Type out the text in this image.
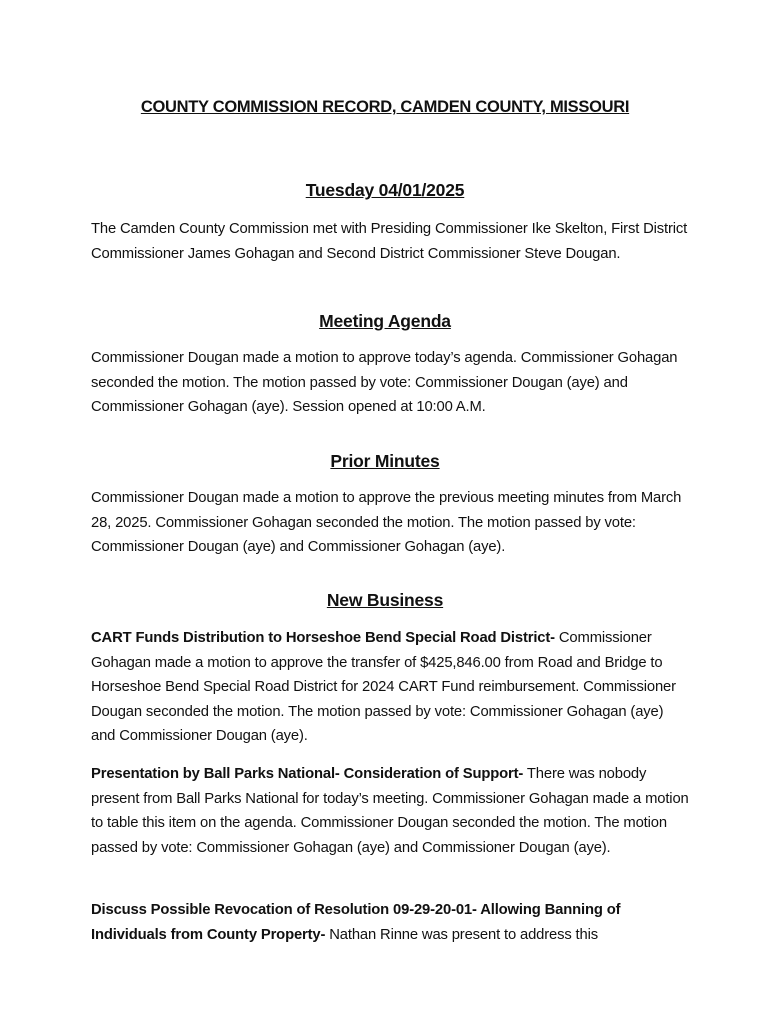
COUNTY COMMISSION RECORD, CAMDEN COUNTY, MISSOURI
Tuesday 04/01/2025
The Camden County Commission met with Presiding Commissioner Ike Skelton, First District Commissioner James Gohagan and Second District Commissioner Steve Dougan.
Meeting Agenda
Commissioner Dougan made a motion to approve today’s agenda. Commissioner Gohagan seconded the motion. The motion passed by vote: Commissioner Dougan (aye) and Commissioner Gohagan (aye). Session opened at 10:00 A.M.
Prior Minutes
Commissioner Dougan made a motion to approve the previous meeting minutes from March 28, 2025. Commissioner Gohagan seconded the motion. The motion passed by vote: Commissioner Dougan (aye) and Commissioner Gohagan (aye).
New Business
CART Funds Distribution to Horseshoe Bend Special Road District- Commissioner Gohagan made a motion to approve the transfer of $425,846.00 from Road and Bridge to Horseshoe Bend Special Road District for 2024 CART Fund reimbursement. Commissioner Dougan seconded the motion. The motion passed by vote: Commissioner Gohagan (aye) and Commissioner Dougan (aye).
Presentation by Ball Parks National- Consideration of Support- There was nobody present from Ball Parks National for today’s meeting. Commissioner Gohagan made a motion to table this item on the agenda. Commissioner Dougan seconded the motion. The motion passed by vote: Commissioner Gohagan (aye) and Commissioner Dougan (aye).
Discuss Possible Revocation of Resolution 09-29-20-01- Allowing Banning of Individuals from County Property- Nathan Rinne was present to address this
